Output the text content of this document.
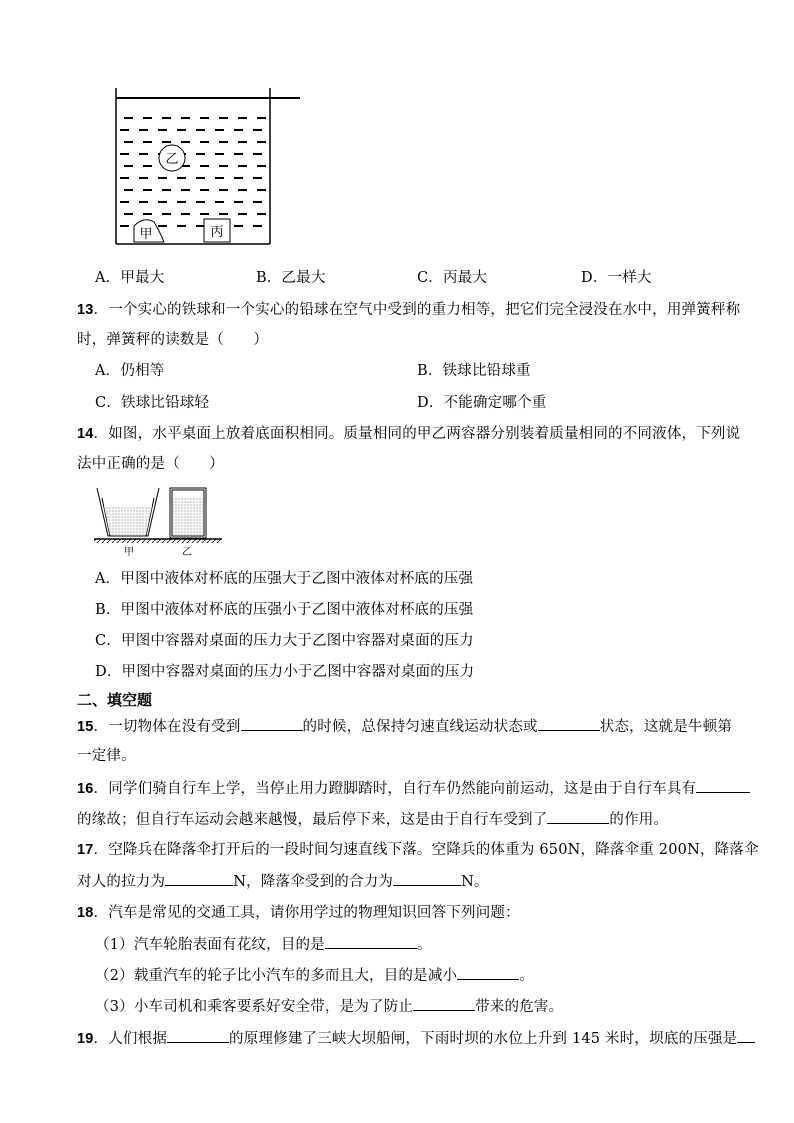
乙
丙
甲
A．甲最大	B．乙最大	C．丙最大	D．一样大
13．一个实心的铁球和一个实心的铅球在空气中受到的重力相等，把它们完全浸没在水中，用弹簧秤称
时，弹簧秤的读数是（　　）
A．仍相等	B．铁球比铅球重
C．铁球比铅球轻	D．不能确定哪个重
14．如图，水平桌面上放着底面积相同。质量相同的甲乙两容器分别装着质量相同的不同液体，下列说
法中正确的是（　　）
甲	乙
A．甲图中液体对杯底的压强大于乙图中液体对杯底的压强
B．甲图中液体对杯底的压强小于乙图中液体对杯底的压强
C．甲图中容器对桌面的压力大于乙图中容器对桌面的压力
D．甲图中容器对桌面的压力小于乙图中容器对桌面的压力
二、填空题
15．一切物体在没有受到	的时候，总保持匀速直线运动状态或	状态，这就是牛顿第
一定律。
16．同学们骑自行车上学，当停止用力蹬脚踏时，自行车仍然能向前运动，这是由于自行车具有
的缘故；但自行车运动会越来越慢，最后停下来，这是由于自行车受到了	的作用。
17．空降兵在降落伞打开后的一段时间匀速直线下落。空降兵的体重为 650N，降落伞重 200N，降落伞
对人的拉力为	N，降落伞受到的合力为	N。
18．汽车是常见的交通工具，请你用学过的物理知识回答下列问题：
（1）汽车轮胎表面有花纹，目的是	。
（2）载重汽车的轮子比小汽车的多而且大，目的是减小	。
（3）小车司机和乘客要系好安全带，是为了防止	带来的危害。
19．人们根据	的原理修建了三峡大坝船闸，下雨时坝的水位上升到 145 米时，坝底的压强是
